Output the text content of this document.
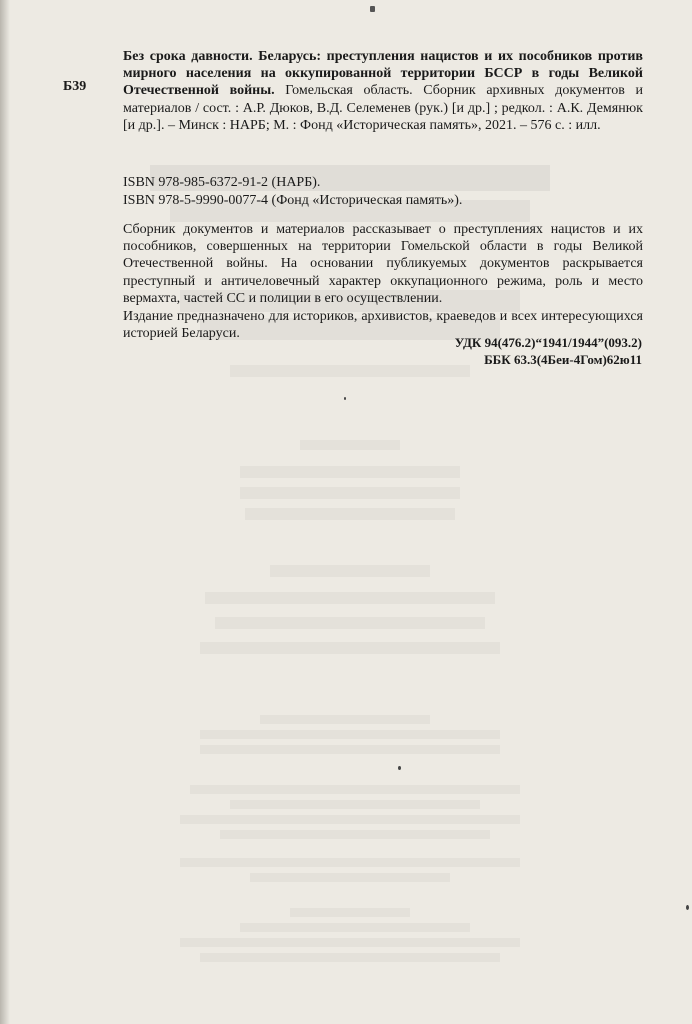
Б39
Без срока давности. Беларусь: преступления нацистов и их пособников против мирного населения на оккупированной территории БССР в годы Великой Отечественной войны. Гомельская область. Сборник архивных документов и материалов / сост. : А.Р. Дюков, В.Д. Селеменев (рук.) [и др.] ; редкол. : А.К. Демянюк [и др.]. – Минск : НАРБ; М. : Фонд «Историческая память», 2021. – 576 с. : илл.
ISBN 978-985-6372-91-2 (НАРБ).
ISBN 978-5-9990-0077-4 (Фонд «Историческая память»).

Сборник документов и материалов рассказывает о преступлениях нацистов и их пособников, совершенных на территории Гомельской области в годы Великой Отечественной войны. На основании публикуемых документов раскрывается преступный и античеловечный характер оккупационного режима, роль и место вермахта, частей СС и полиции в его осуществлении.

Издание предназначено для историков, архивистов, краеведов и всех интересующихся историей Беларуси.

УДК 94(476.2)“1941/1944”(093.2)
ББК 63.3(4Беи-4Гом)62ю11
